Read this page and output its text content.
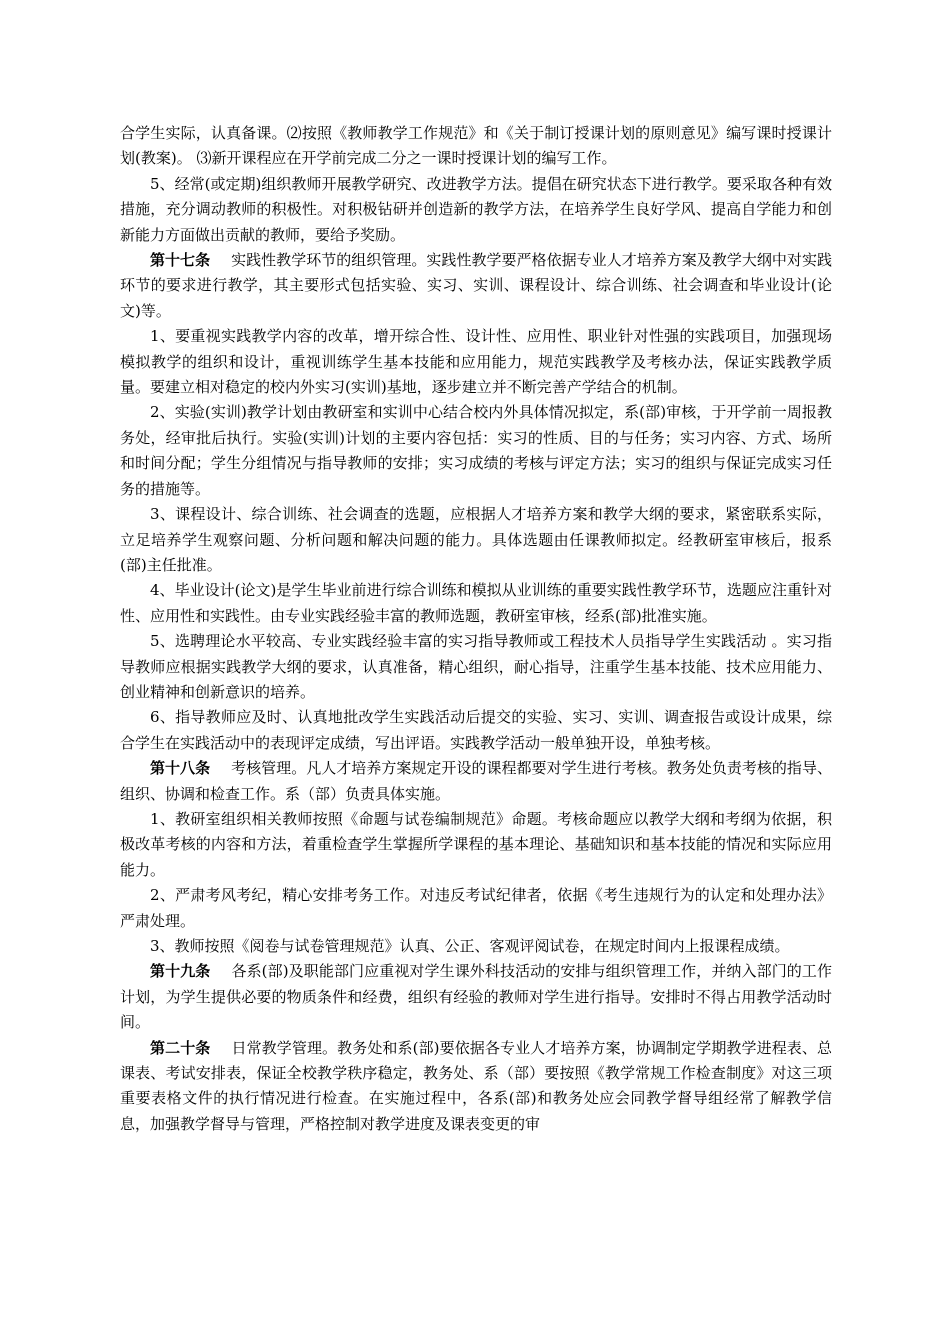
合学生实际，认真备课。⑵按照《教师教学工作规范》和《关于制订授课计划的原则意见》编写课时授课计划(教案)。 ⑶新开课程应在开学前完成二分之一课时授课计划的编写工作。

5、经常(或定期)组织教师开展教学研究、改进教学方法。提倡在研究状态下进行教学。要采取各种有效措施，充分调动教师的积极性。对积极钻研并创造新的教学方法，在培养学生良好学风、提高自学能力和创新能力方面做出贡献的教师，要给予奖励。

第十七条 实践性教学环节的组织管理。实践性教学要严格依据专业人才培养方案及教学大纲中对实践环节的要求进行教学，其主要形式包括实验、实习、实训、课程设计、综合训练、社会调查和毕业设计(论文)等。

1、要重视实践教学内容的改革，增开综合性、设计性、应用性、职业针对性强的实践项目，加强现场模拟教学的组织和设计，重视训练学生基本技能和应用能力，规范实践教学及考核办法，保证实践教学质量。要建立相对稳定的校内外实习(实训)基地，逐步建立并不断完善产学结合的机制。

2、实验(实训)教学计划由教研室和实训中心结合校内外具体情况拟定，系(部)审核，于开学前一周报教务处，经审批后执行。实验(实训)计划的主要内容包括：实习的性质、目的与任务；实习内容、方式、场所和时间分配；学生分组情况与指导教师的安排；实习成绩的考核与评定方法；实习的组织与保证完成实习任务的措施等。

3、课程设计、综合训练、社会调查的选题，应根据人才培养方案和教学大纲的要求，紧密联系实际，立足培养学生观察问题、分析问题和解决问题的能力。具体选题由任课教师拟定。经教研室审核后，报系(部)主任批准。

4、毕业设计(论文)是学生毕业前进行综合训练和模拟从业训练的重要实践性教学环节，选题应注重针对性、应用性和实践性。由专业实践经验丰富的教师选题，教研室审核，经系(部)批准实施。

5、选聘理论水平较高、专业实践经验丰富的实习指导教师或工程技术人员指导学生实践活动 。实习指导教师应根据实践教学大纲的要求，认真准备，精心组织，耐心指导，注重学生基本技能、技术应用能力、创业精神和创新意识的培养。

6、指导教师应及时、认真地批改学生实践活动后提交的实验、实习、实训、调查报告或设计成果，综合学生在实践活动中的表现评定成绩，写出评语。实践教学活动一般单独开设，单独考核。

第十八条 考核管理。凡人才培养方案规定开设的课程都要对学生进行考核。教务处负责考核的指导、组织、协调和检查工作。系（部）负责具体实施。

1、教研室组织相关教师按照《命题与试卷编制规范》命题。考核命题应以教学大纲和考纲为依据，积极改革考核的内容和方法，着重检查学生掌握所学课程的基本理论、基础知识和基本技能的情况和实际应用能力。

2、严肃考风考纪，精心安排考务工作。对违反考试纪律者，依据《考生违规行为的认定和处理办法》严肃处理。

3、教师按照《阅卷与试卷管理规范》认真、公正、客观评阅试卷，在规定时间内上报课程成绩。

第十九条 各系(部)及职能部门应重视对学生课外科技活动的安排与组织管理工作，并纳入部门的工作计划，为学生提供必要的物质条件和经费，组织有经验的教师对学生进行指导。安排时不得占用教学活动时间。

第二十条 日常教学管理。教务处和系(部)要依据各专业人才培养方案，协调制定学期教学进程表、总课表、考试安排表，保证全校教学秩序稳定，教务处、系（部）要按照《教学常规工作检查制度》对这三项重要表格文件的执行情况进行检查。在实施过程中，各系(部)和教务处应会同教学督导组经常了解教学信息，加强教学督导与管理，严格控制对教学进度及课表变更的审
